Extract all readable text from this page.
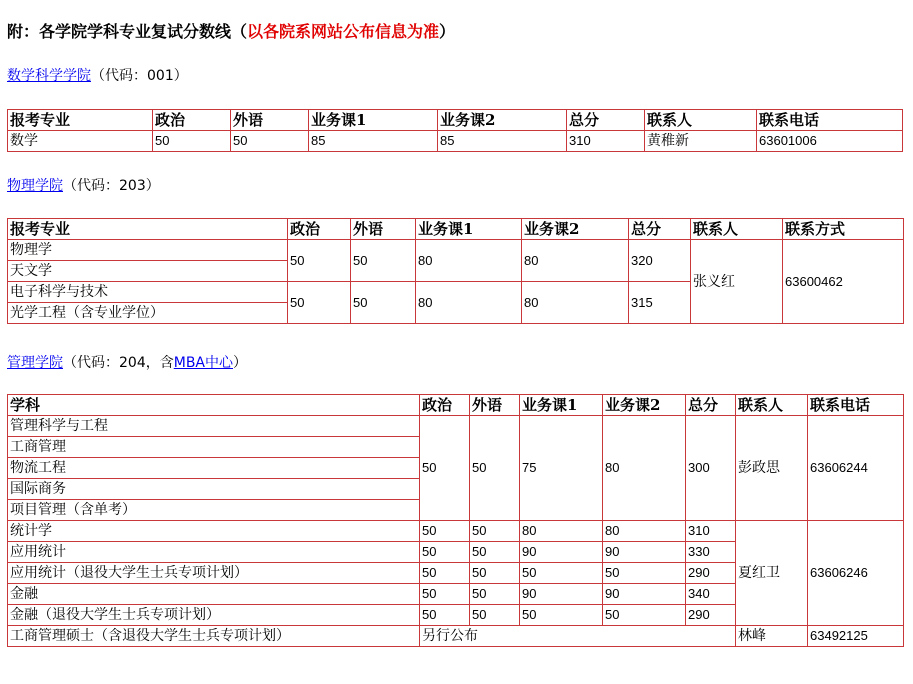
附：各学院学科专业复试分数线（以各院系网站公布信息为准）
数学科学学院（代码：001）
报考专业	政治	外语	业务课1	业务课2	总分	联系人	联系电话
数学	50	50	85	85	310	黄稚新	63601006
物理学院（代码：203）
报考专业	政治	外语	业务课1	业务课2	总分	联系人	联系方式
物理学	50	50	80	80	320	张义红	63600462
天文学							
电子科学与技术	50	50	80	80	315		
光学工程（含专业学位）							
管理学院（代码：204，含MBA中心）
学科	政治	外语	业务课1	业务课2	总分	联系人	联系电话
管理科学与工程	50	50	75	80	300	彭政思	63606244
工商管理							
物流工程							
国际商务							
项目管理（含单考）							
统计学	50	50	80	80	310	夏红卫	63606246
应用统计	50	50	90	90	330		
应用统计（退役大学生士兵专项计划）	50	50	50	50	290		
金融	50	50	90	90	340		
金融（退役大学生士兵专项计划）	50	50	50	50	290		
工商管理硕士（含退役大学生士兵专项计划）	另行公布					林峰	63492125
